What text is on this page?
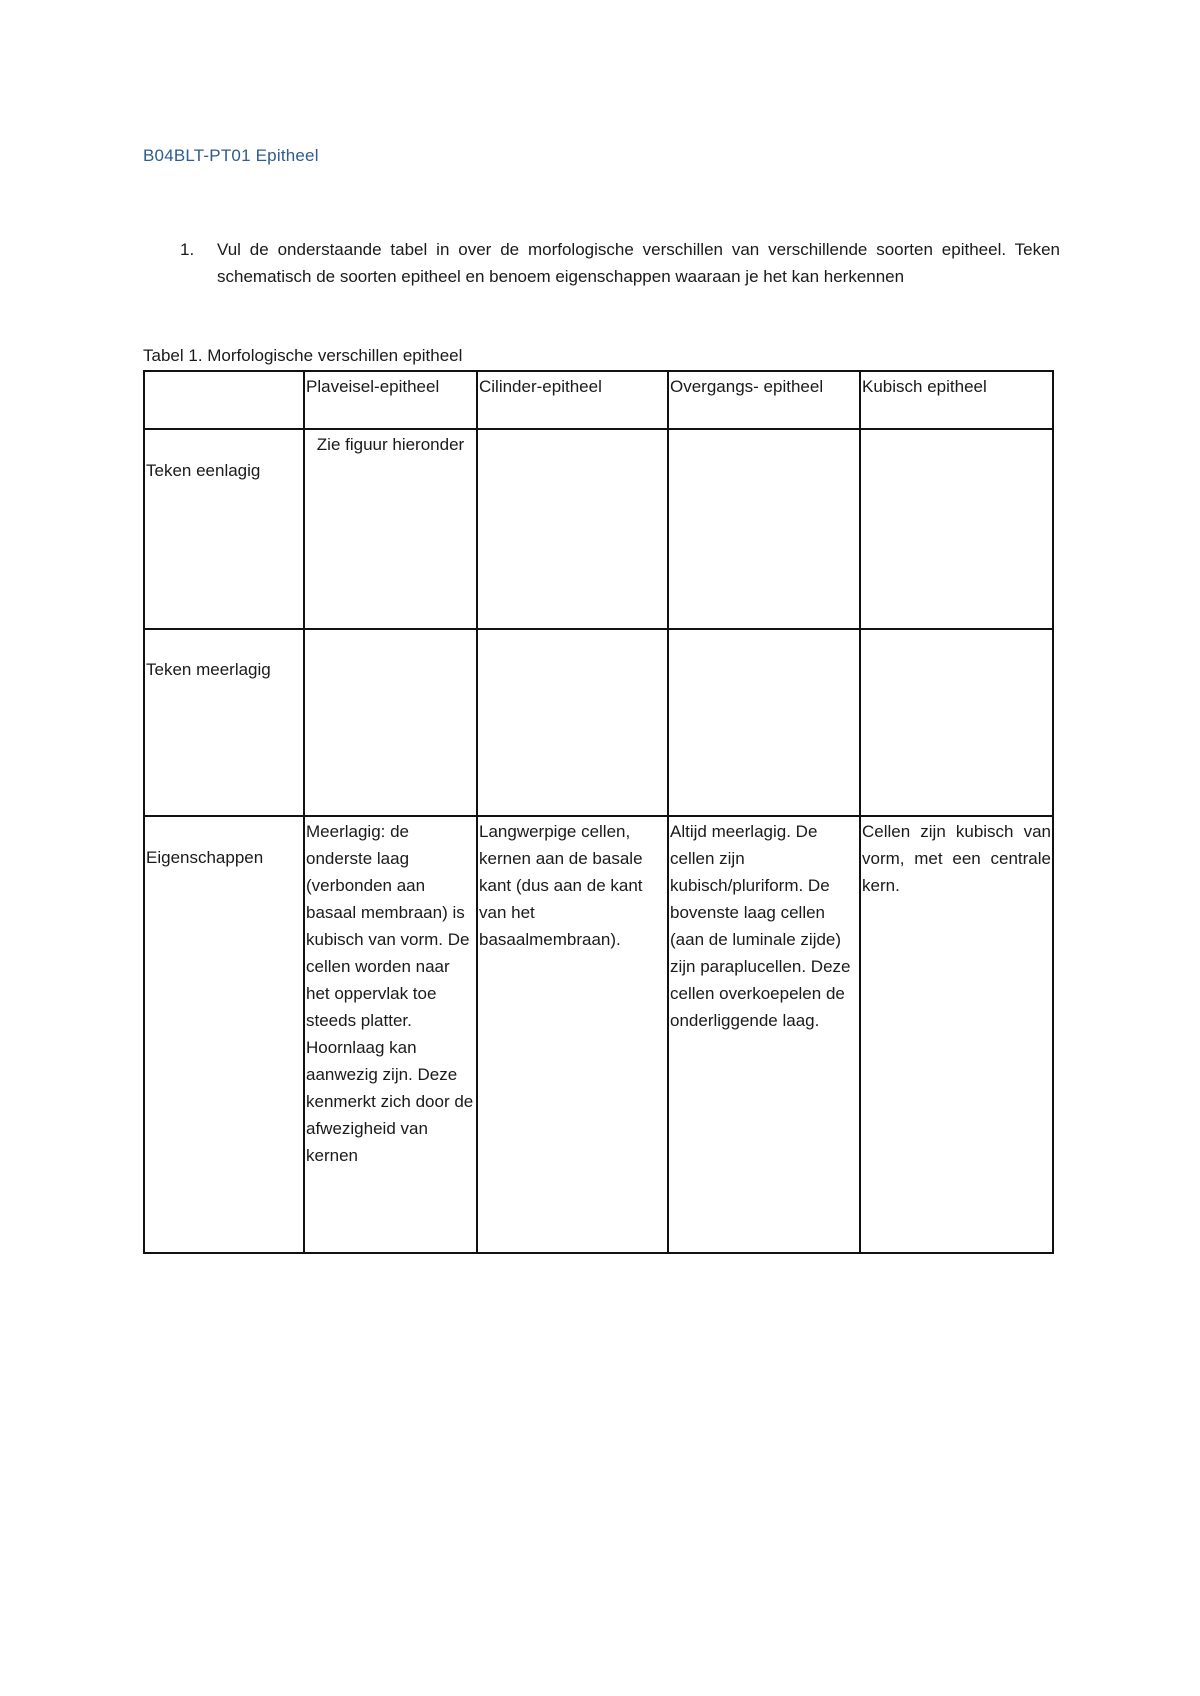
B04BLT-PT01 Epitheel
1. Vul de onderstaande tabel in over de morfologische verschillen van verschillende soorten epitheel. Teken schematisch de soorten epitheel en benoem eigenschappen waaraan je het kan herkennen
Tabel 1. Morfologische verschillen epitheel
	Plaveisel-epitheel	Cilinder-epitheel	Overgangs- epitheel	Kubisch epitheel
Teken eenlagig	Zie figuur hieronder			
Teken meerlagig				
Eigenschappen	Meerlagig: de onderste laag (verbonden aan basaal membraan) is kubisch van vorm. De cellen worden naar het oppervlak toe steeds platter. Hoornlaag kan aanwezig zijn. Deze kenmerkt zich door de afwezigheid van kernen	Langwerpige cellen, kernen aan de basale kant (dus aan de kant van het basaalmembraan).	Altijd meerlagig. De cellen zijn kubisch/pluriform. De bovenste laag cellen (aan de luminale zijde) zijn paraplucellen. Deze cellen overkoepelen de onderliggende laag.	Cellen zijn kubisch van vorm, met een centrale kern.
